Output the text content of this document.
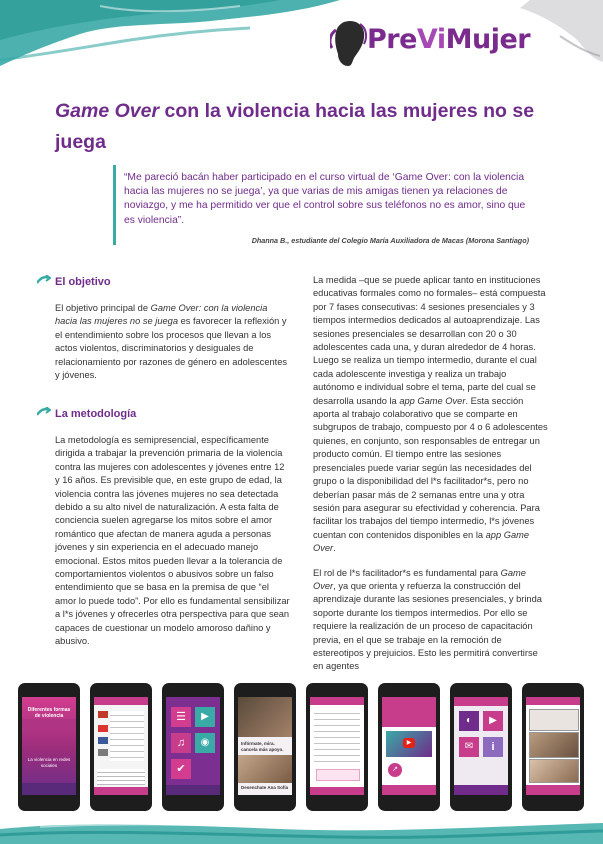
PreViMujer
Game Over con la violencia hacia las mujeres no se juega

“Me pareció bacán haber participado en el curso virtual de ‘Game Over: con la violencia hacia las mujeres no se juega’, ya que varias de mis amigas tienen ya relaciones de noviazgo, y me ha permitido ver que el control sobre sus teléfonos no es amor, sino que es violencia”.

Dhanna B., estudiante del Colegio María Auxiliadora de Macas (Morona Santiago)
El objetivo

El objetivo principal de Game Over: con la violencia hacia las mujeres no se juega es favorecer la reflexión y el entendimiento sobre los procesos que llevan a los actos violentos, discriminatorios y desiguales de relacionamiento por razones de género en adolescentes y jóvenes.

La metodología

La metodología es semipresencial, específicamente dirigida a trabajar la prevención primaria de la violencia contra las mujeres con adolescentes y jóvenes entre 12 y 16 años. Es previsible que, en este grupo de edad, la violencia contra las jóvenes mujeres no sea detectada debido a su alto nivel de naturalización. A esta falta de conciencia suelen agregarse los mitos sobre el amor romántico que afectan de manera aguda a personas jóvenes y sin experiencia en el adecuado manejo emocional. Estos mitos pueden llevar a la tolerancia de comportamientos violentos o abusivos sobre un falso entendimiento que se basa en la premisa de que “el amor lo puede todo”. Por ello es fundamental sensibilizar a l*s jóvenes y ofrecerles otra perspectiva para que sean capaces de cuestionar un modelo amoroso dañino y abusivo.

La medida –que se puede aplicar tanto en instituciones educativas formales como no formales– está compuesta por 7 fases consecutivas: 4 sesiones presenciales y 3 tiempos intermedios dedicados al autoaprendizaje. Las sesiones presenciales se desarrollan con 20 o 30 adolescentes cada una, y duran alrededor de 4 horas. Luego se realiza un tiempo intermedio, durante el cual cada adolescente investiga y realiza un trabajo autónomo e individual sobre el tema, parte del cual se desarrolla usando la app Game Over. Esta sección aporta al trabajo colaborativo que se comparte en subgrupos de trabajo, compuesto por 4 o 6 adolescentes quienes, en conjunto, son responsables de entregar un producto común. El tiempo entre las sesiones presenciales puede variar según las necesidades del grupo o la disponibilidad del l*s facilitador*s, pero no deberían pasar más de 2 semanas entre una y otra sesión para asegurar su efectividad y coherencia. Para facilitar los trabajos del tiempo intermedio, l*s jóvenes cuentan con contenidos disponibles en la app Game Over.

El rol de l*s facilitador*s es fundamental para Game Over, ya que orienta y refuerza la construcción del aprendizaje durante las sesiones presenciales, y brinda soporte durante los tiempos intermedios. Por ello se requiere la realización de un proceso de capacitación previa, en el que se trabaje en la remoción de estereotipos y prejuicios. Esto les permitirá convertirse en agentes

Diferentes formas de violencia
La violencia en redes sociales
☰	▶
♫	◉
✔
Infórmate, mira. cancela más apoyo.
Desenchate Ana Sofía
▶
↗
◐	▶
✉	i
